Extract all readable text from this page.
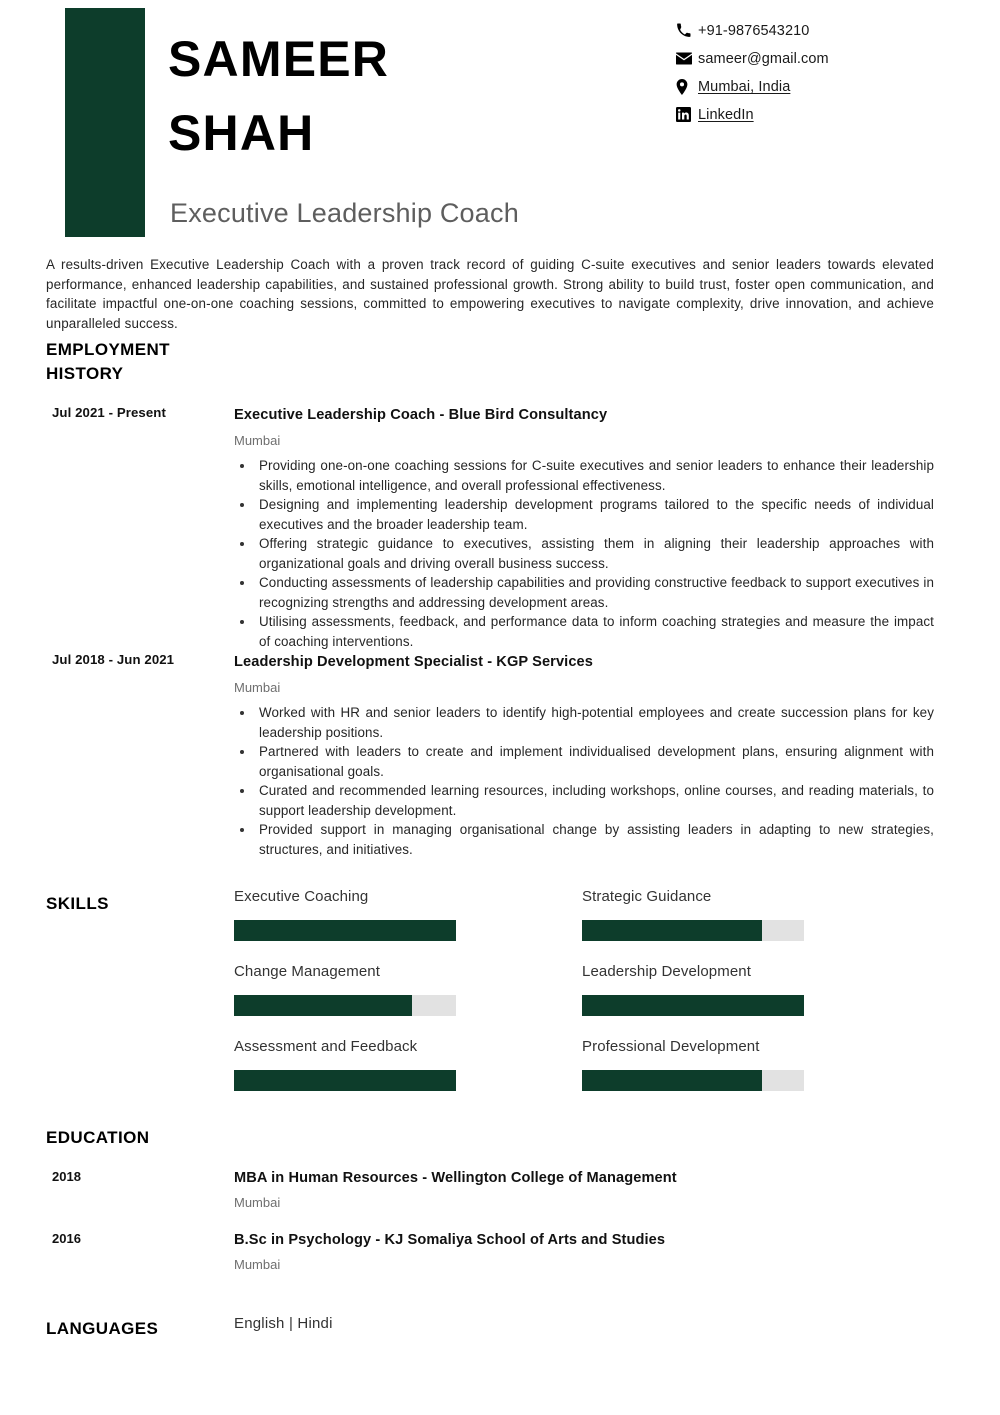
SAMEER
SHAH
Executive Leadership Coach
+91-9876543210
sameer@gmail.com
Mumbai, India
LinkedIn
A results-driven Executive Leadership Coach with a proven track record of guiding C-suite executives and senior leaders towards elevated performance, enhanced leadership capabilities, and sustained professional growth. Strong ability to build trust, foster open communication, and facilitate impactful one-on-one coaching sessions, committed to empowering executives to navigate complexity, drive innovation, and achieve unparalleled success.
EMPLOYMENT HISTORY
Jul 2021 - Present	Executive Leadership Coach - Blue Bird Consultancy
Mumbai
Providing one-on-one coaching sessions for C-suite executives and senior leaders to enhance their leadership skills, emotional intelligence, and overall professional effectiveness.
Designing and implementing leadership development programs tailored to the specific needs of individual executives and the broader leadership team.
Offering strategic guidance to executives, assisting them in aligning their leadership approaches with organizational goals and driving overall business success.
Conducting assessments of leadership capabilities and providing constructive feedback to support executives in recognizing strengths and addressing development areas.
Utilising assessments, feedback, and performance data to inform coaching strategies and measure the impact of coaching interventions.
Jul 2018 - Jun 2021	Leadership Development Specialist - KGP Services
Mumbai
Worked with HR and senior leaders to identify high-potential employees and create succession plans for key leadership positions.
Partnered with leaders to create and implement individualised development plans, ensuring alignment with organisational goals.
Curated and recommended learning resources, including workshops, online courses, and reading materials, to support leadership development.
Provided support in managing organisational change by assisting leaders in adapting to new strategies, structures, and initiatives.
SKILLS	Executive Coaching	Strategic Guidance
Change Management	Leadership Development
Assessment and Feedback	Professional Development
EDUCATION
2018	MBA in Human Resources - Wellington College of Management
Mumbai
2016	B.Sc in Psychology - KJ Somaliya School of Arts and Studies
Mumbai
LANGUAGES	English | Hindi
